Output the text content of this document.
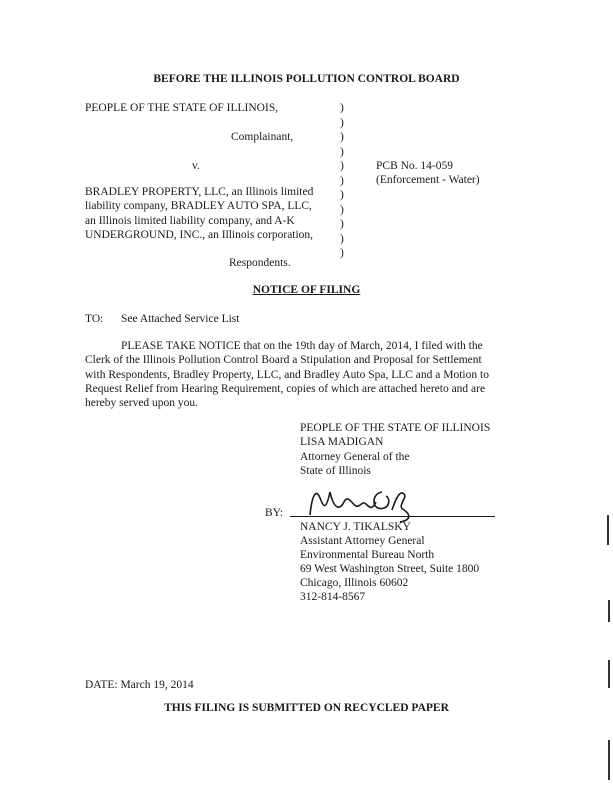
BEFORE THE ILLINOIS POLLUTION CONTROL BOARD
PEOPLE OF THE STATE OF ILLINOIS,
Complainant,
v.
BRADLEY PROPERTY, LLC, an Illinois limited
liability company, BRADLEY AUTO SPA, LLC,
an Illinois limited liability company, and A-K
UNDERGROUND, INC., an Illinois corporation,
Respondents.
)
)
)
)
)
)
)
)
)
)
)
PCB No. 14-059
(Enforcement - Water)
NOTICE OF FILING
TO: See Attached Service List
PLEASE TAKE NOTICE that on the 19th day of March, 2014, I filed with the
Clerk of the Illinois Pollution Control Board a Stipulation and Proposal for Settlement
with Respondents, Bradley Property, LLC, and Bradley Auto Spa, LLC and a Motion to
Request Relief from Hearing Requirement, copies of which are attached hereto and are
hereby served upon you.
PEOPLE OF THE STATE OF ILLINOIS
LISA MADIGAN
Attorney General of the
State of Illinois
BY:
NANCY J. TIKALSKY
Assistant Attorney General
Environmental Bureau North
69 West Washington Street, Suite 1800
Chicago, Illinois 60602
312-814-8567
DATE: March 19, 2014
THIS FILING IS SUBMITTED ON RECYCLED PAPER
